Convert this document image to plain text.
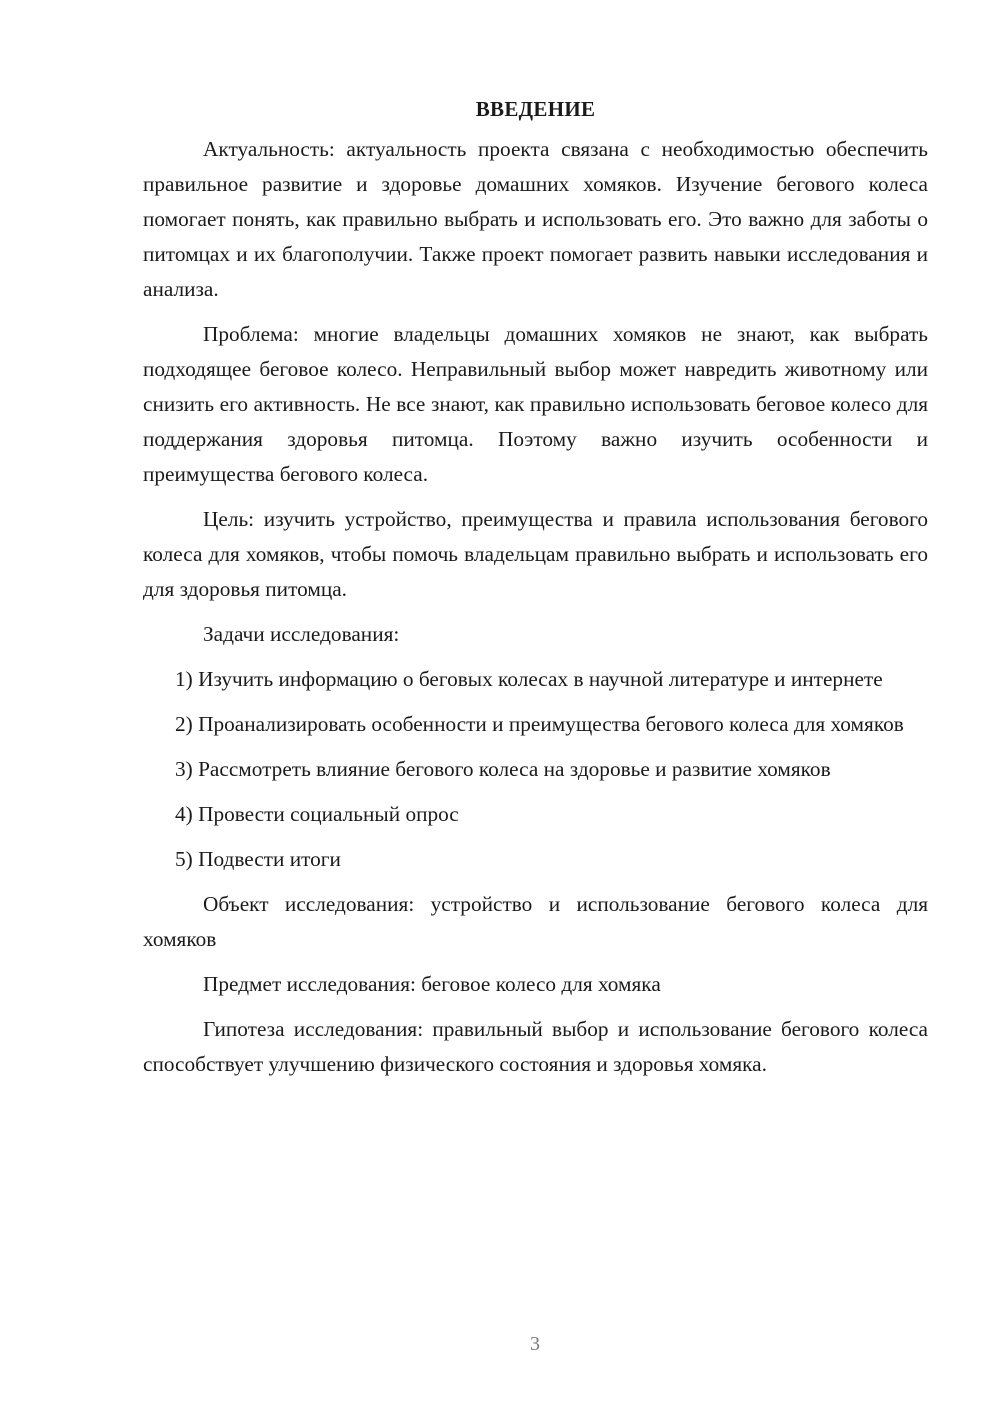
ВВЕДЕНИЕ

Актуальность: актуальность проекта связана с необходимостью обеспечить правильное развитие и здоровье домашних хомяков. Изучение бегового колеса помогает понять, как правильно выбрать и использовать его. Это важно для заботы о питомцах и их благополучии. Также проект помогает развить навыки исследования и анализа.

Проблема: многие владельцы домашних хомяков не знают, как выбрать подходящее беговое колесо. Неправильный выбор может навредить животному или снизить его активность. Не все знают, как правильно использовать беговое колесо для поддержания здоровья питомца. Поэтому важно изучить особенности и преимущества бегового колеса.

Цель: изучить устройство, преимущества и правила использования бегового колеса для хомяков, чтобы помочь владельцам правильно выбрать и использовать его для здоровья питомца.

Задачи исследования:

1) Изучить информацию о беговых колесах в научной литературе и интернете

2) Проанализировать особенности и преимущества бегового колеса для хомяков

3) Рассмотреть влияние бегового колеса на здоровье и развитие хомяков

4) Провести социальный опрос

5) Подвести итоги

Объект исследования: устройство и использование бегового колеса для хомяков

Предмет исследования: беговое колесо для хомяка

Гипотеза исследования: правильный выбор и использование бегового колеса способствует улучшению физического состояния и здоровья хомяка.

3
